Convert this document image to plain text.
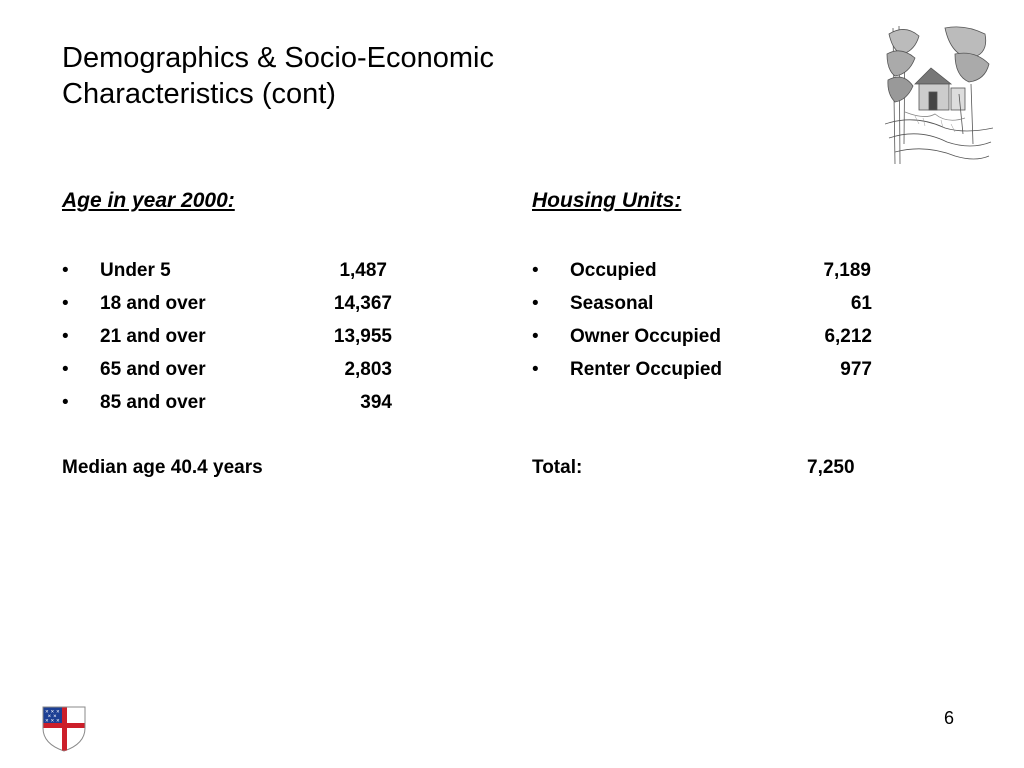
Demographics & Socio-Economic
Characteristics (cont)
Age in year 2000:
• Under 5	1,487
• 18 and over	14,367
• 21 and over	13,955
• 65 and over	2,803
• 85 and over	394
Median age 40.4 years
Housing Units:
• Occupied	7,189
• Seasonal	61
• Owner Occupied	6,212
• Renter Occupied	977
Total:	7,250
✕ ✕ ✕
✕ ✕
✕ ✕ ✕	6
